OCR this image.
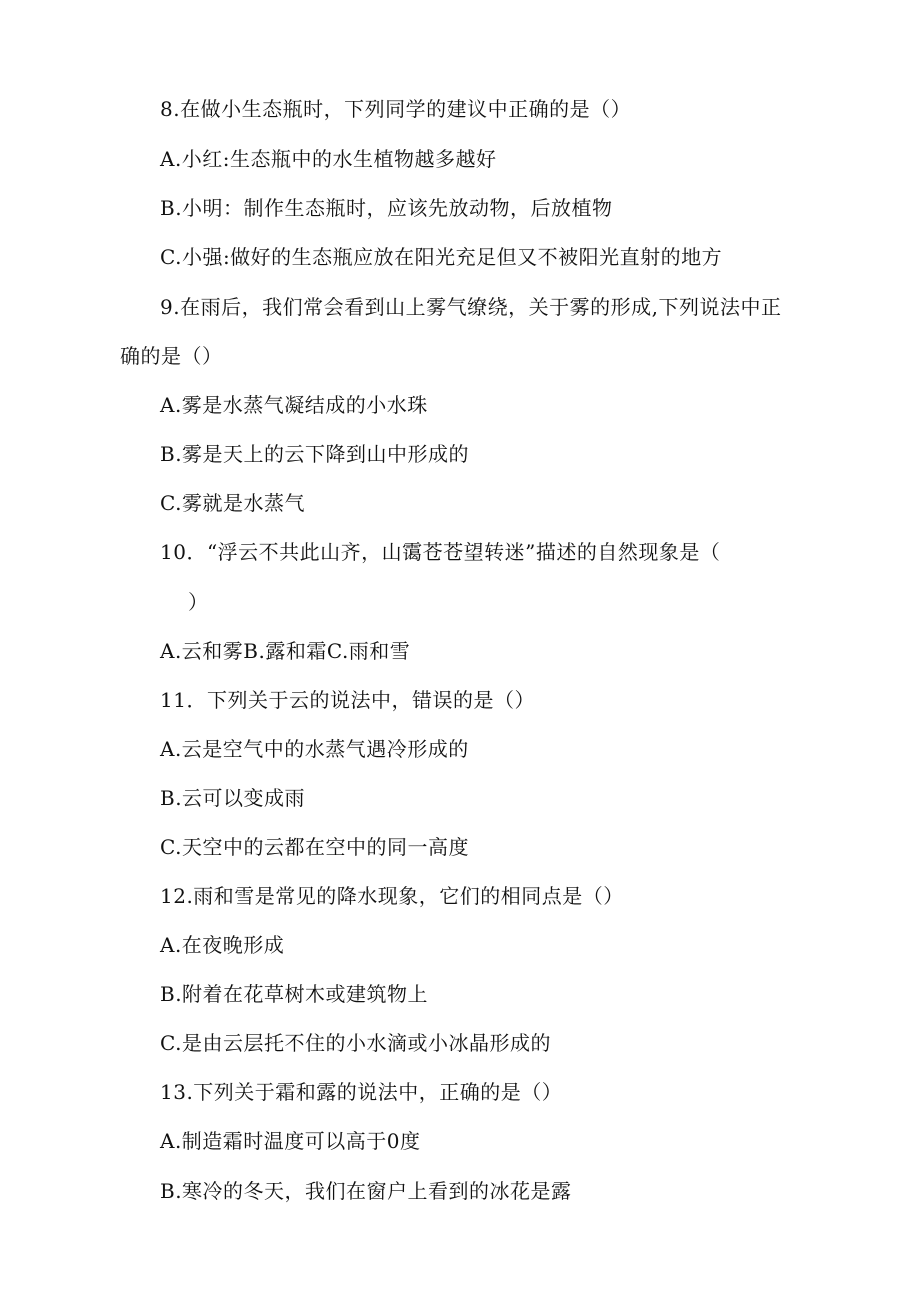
8.在做小生态瓶时，下列同学的建议中正确的是（）
A.小红:生态瓶中的水生植物越多越好
B.小明：制作生态瓶时，应该先放动物，后放植物
C.小强:做好的生态瓶应放在阳光充足但又不被阳光直射的地方
9.在雨后，我们常会看到山上雾气缭绕，关于雾的形成,下列说法中正
确的是（）
A.雾是水蒸气凝结成的小水珠
B.雾是天上的云下降到山中形成的
C.雾就是水蒸气
10．“浮云不共此山齐，山霭苍苍望转迷”描述的自然现象是（
）
A.云和雾B.露和霜C.雨和雪
11．下列关于云的说法中，错误的是（）
A.云是空气中的水蒸气遇冷形成的
B.云可以变成雨
C.天空中的云都在空中的同一高度
12.雨和雪是常见的降水现象，它们的相同点是（）
A.在夜晚形成
B.附着在花草树木或建筑物上
C.是由云层托不住的小水滴或小冰晶形成的
13.下列关于霜和露的说法中，正确的是（）
A.制造霜时温度可以高于0度
B.寒冷的冬天，我们在窗户上看到的冰花是露
